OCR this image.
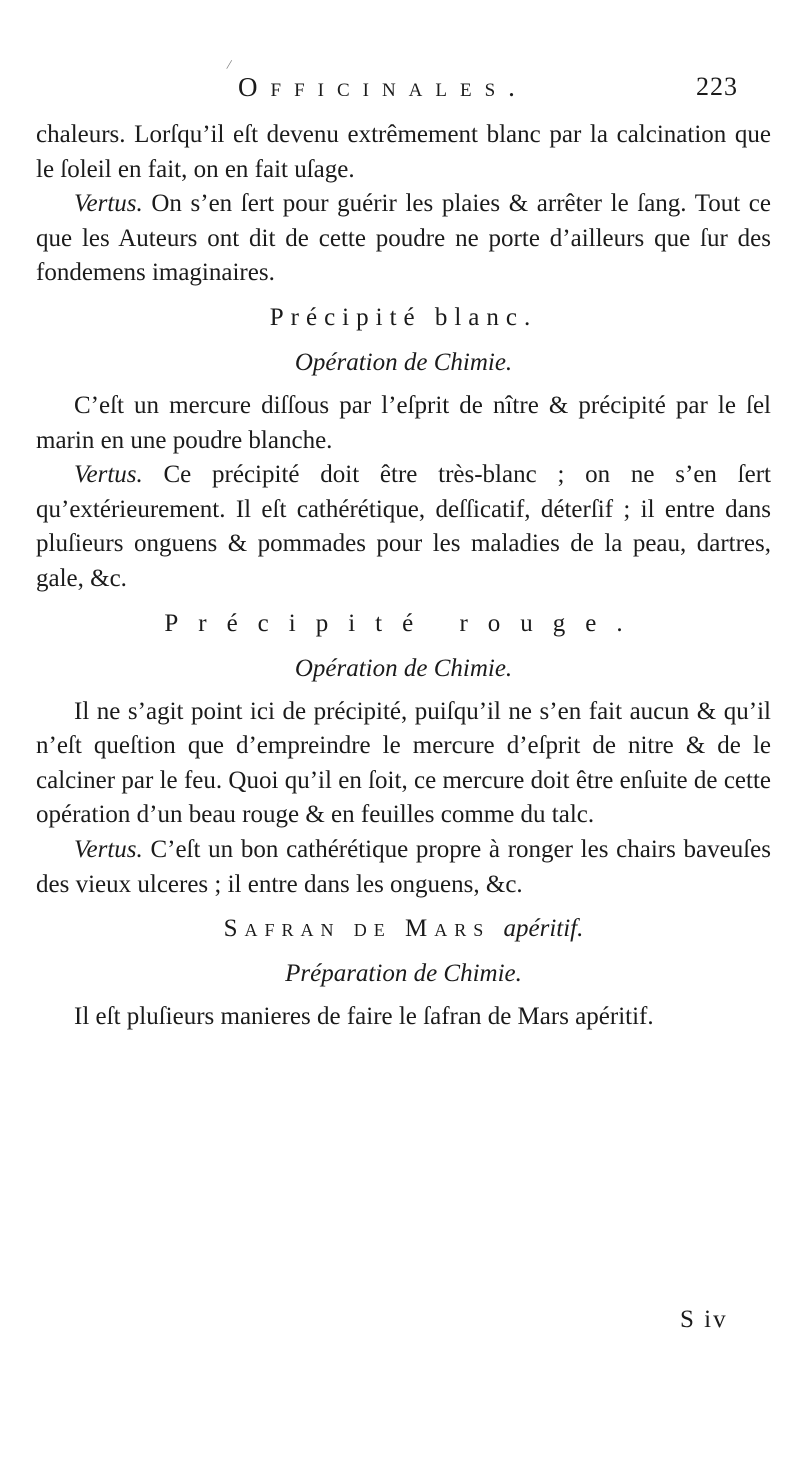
/
Officinales.	223

chaleurs. Lorſqu’il eſt devenu extrêmement blanc par la calcination que le ſoleil en fait, on en fait uſage.

Vertus. On s’en ſert pour guérir les plaies & arrêter le ſang. Tout ce que les Auteurs ont dit de cette poudre ne porte d’ailleurs que ſur des fondemens imaginaires.

Précipité blanc.
Opération de Chimie.

C’eſt un mercure diſſous par l’eſprit de nître & précipité par le ſel marin en une poudre blanche.

Vertus. Ce précipité doit être très-blanc ; on ne s’en ſert qu’extérieurement. Il eſt cathérétique, deſſicatif, déterſif ; il entre dans pluſieurs onguens & pommades pour les maladies de la peau, dartres, gale, &c.

Précipité rouge.
Opération de Chimie.

Il ne s’agit point ici de précipité, puiſqu’il ne s’en fait aucun & qu’il n’eſt queſtion que d’empreindre le mercure d’eſprit de nitre & de le calciner par le feu. Quoi qu’il en ſoit, ce mercure doit être enſuite de cette opération d’un beau rouge & en feuilles comme du talc.

Vertus. C’eſt un bon cathérétique propre à ronger les chairs baveuſes des vieux ulceres ; il entre dans les onguens, &c.

Safran de Mars apéritif.
Préparation de Chimie.

Il eſt pluſieurs manieres de faire le ſafran de Mars apéritif.

S iv
